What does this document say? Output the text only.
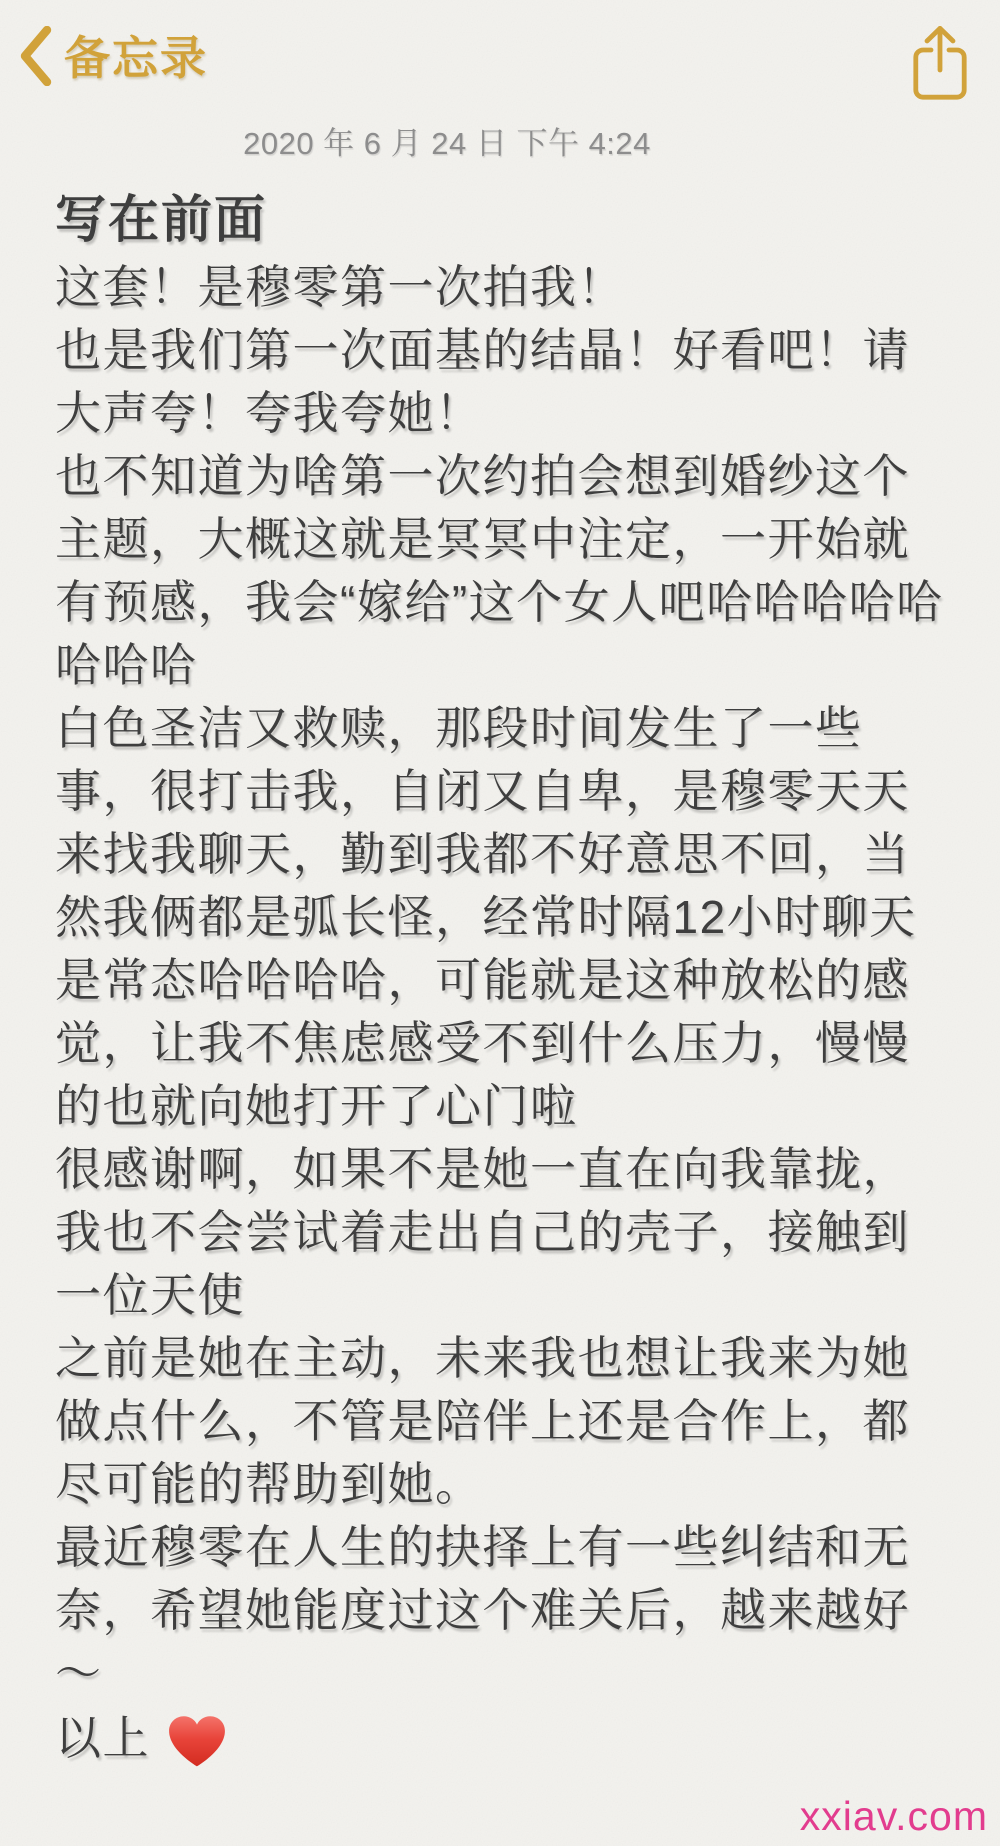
备忘录
2020 年 6 月 24 日 下午 4:24
写在前面

这套！是穆零第一次拍我！

也是我们第一次面基的结晶！好看吧！请大声夸！夸我夸她！

也不知道为啥第一次约拍会想到婚纱这个主题，大概这就是冥冥中注定，一开始就有预感，我会“嫁给”这个女人吧哈哈哈哈哈哈哈哈

白色圣洁又救赎，那段时间发生了一些事，很打击我，自闭又自卑，是穆零天天来找我聊天，勤到我都不好意思不回，当然我俩都是弧长怪，经常时隔12小时聊天是常态哈哈哈哈，可能就是这种放松的感觉，让我不焦虑感受不到什么压力，慢慢的也就向她打开了心门啦

很感谢啊，如果不是她一直在向我靠拢，我也不会尝试着走出自己的壳子，接触到一位天使

之前是她在主动，未来我也想让我来为她做点什么，不管是陪伴上还是合作上，都尽可能的帮助到她。

最近穆零在人生的抉择上有一些纠结和无奈，希望她能度过这个难关后，越来越好～

以上

xxiav.com
